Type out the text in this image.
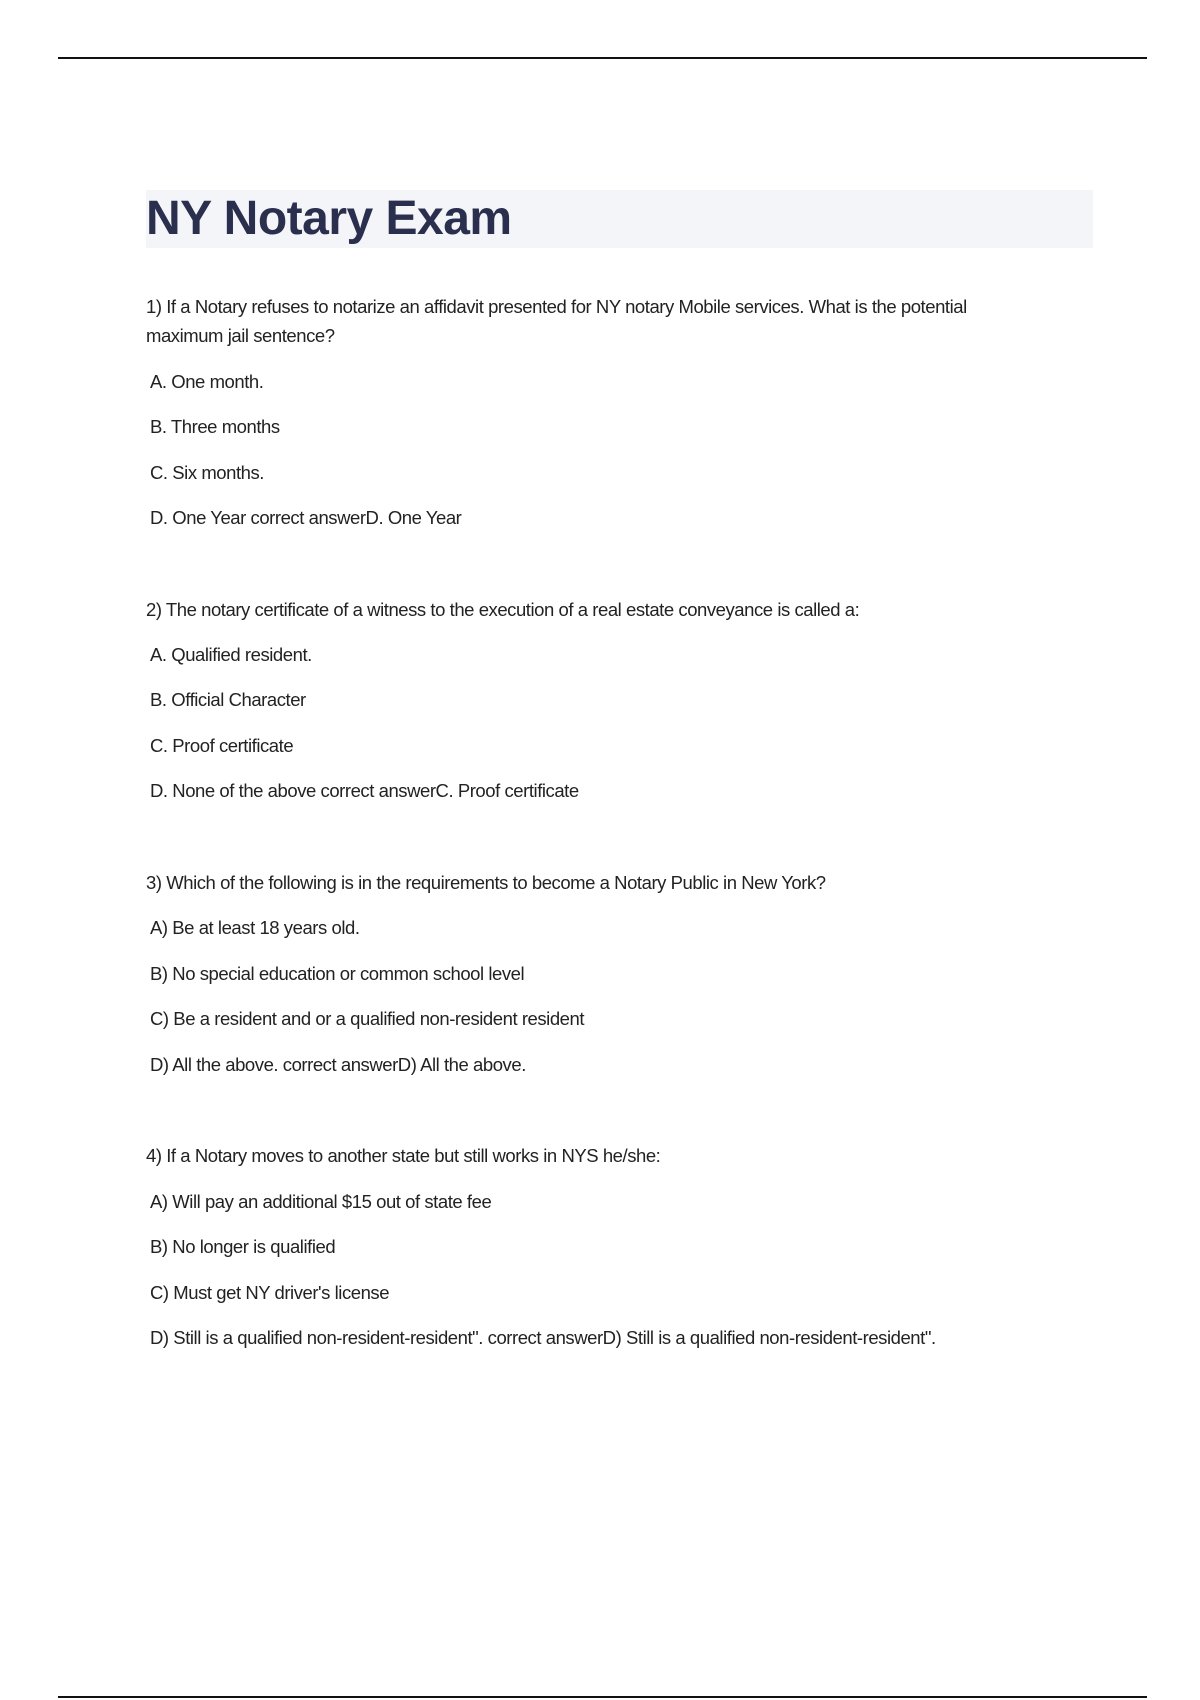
NY Notary Exam
1) If a Notary refuses to notarize an affidavit presented for NY notary Mobile services. What is the potential maximum jail sentence?
A. One month.
B. Three months
C. Six months.
D. One Year correct answerD. One Year
2) The notary certificate of a witness to the execution of a real estate conveyance is called a:
A. Qualified resident.
B. Official Character
C. Proof certificate
D. None of the above correct answerC. Proof certificate
3) Which of the following is in the requirements to become a Notary Public in New York?
A) Be at least 18 years old.
B) No special education or common school level
C) Be a resident and or a qualified non-resident resident
D) All the above. correct answerD) All the above.
4) If a Notary moves to another state but still works in NYS he/she:
A) Will pay an additional $15 out of state fee
B) No longer is qualified
C) Must get NY driver's license
D) Still is a qualified non-resident-resident". correct answerD) Still is a qualified non-resident-resident".
